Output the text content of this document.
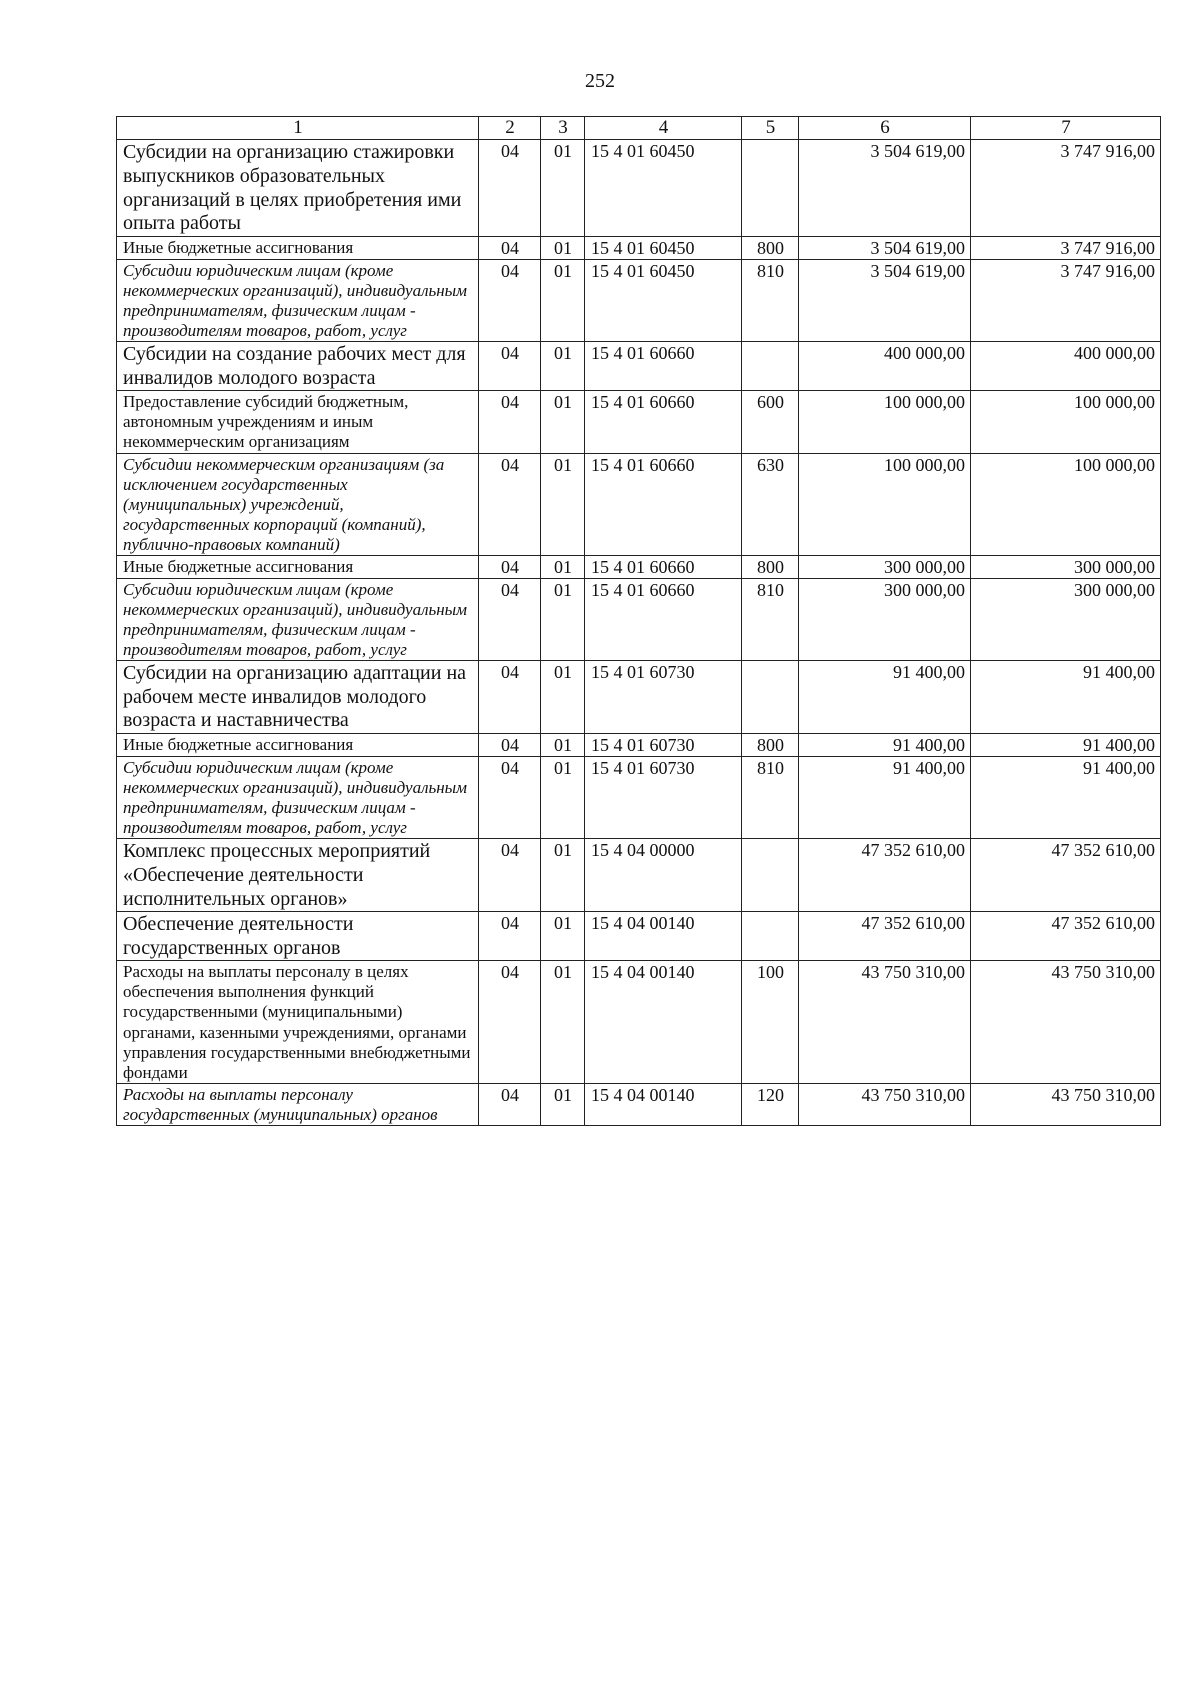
252
1	2	3	4	5	6	7
Субсидии на организацию стажировки выпускников образовательных организаций в целях приобретения ими опыта работы	04	01	15 4 01 60450		3 504 619,00	3 747 916,00
Иные бюджетные ассигнования	04	01	15 4 01 60450	800	3 504 619,00	3 747 916,00
Субсидии юридическим лицам (кроме некоммерческих организаций), индивидуальным предпринимателям, физическим лицам - производителям товаров, работ, услуг	04	01	15 4 01 60450	810	3 504 619,00	3 747 916,00
Субсидии на создание рабочих мест для инвалидов молодого возраста	04	01	15 4 01 60660		400 000,00	400 000,00
Предоставление субсидий бюджетным, автономным учреждениям и иным некоммерческим организациям	04	01	15 4 01 60660	600	100 000,00	100 000,00
Субсидии некоммерческим организациям (за исключением государственных (муниципальных) учреждений, государственных корпораций (компаний), публично-правовых компаний)	04	01	15 4 01 60660	630	100 000,00	100 000,00
Иные бюджетные ассигнования	04	01	15 4 01 60660	800	300 000,00	300 000,00
Субсидии юридическим лицам (кроме некоммерческих организаций), индивидуальным предпринимателям, физическим лицам - производителям товаров, работ, услуг	04	01	15 4 01 60660	810	300 000,00	300 000,00
Субсидии на организацию адаптации на рабочем месте инвалидов молодого возраста и наставничества	04	01	15 4 01 60730		91 400,00	91 400,00
Иные бюджетные ассигнования	04	01	15 4 01 60730	800	91 400,00	91 400,00
Субсидии юридическим лицам (кроме некоммерческих организаций), индивидуальным предпринимателям, физическим лицам - производителям товаров, работ, услуг	04	01	15 4 01 60730	810	91 400,00	91 400,00
Комплекс процессных мероприятий «Обеспечение деятельности исполнительных органов»	04	01	15 4 04 00000		47 352 610,00	47 352 610,00
Обеспечение деятельности государственных органов	04	01	15 4 04 00140		47 352 610,00	47 352 610,00
Расходы на выплаты персоналу в целях обеспечения выполнения функций государственными (муниципальными) органами, казенными учреждениями, органами управления государственными внебюджетными фондами	04	01	15 4 04 00140	100	43 750 310,00	43 750 310,00
Расходы на выплаты персоналу государственных (муниципальных) органов	04	01	15 4 04 00140	120	43 750 310,00	43 750 310,00
